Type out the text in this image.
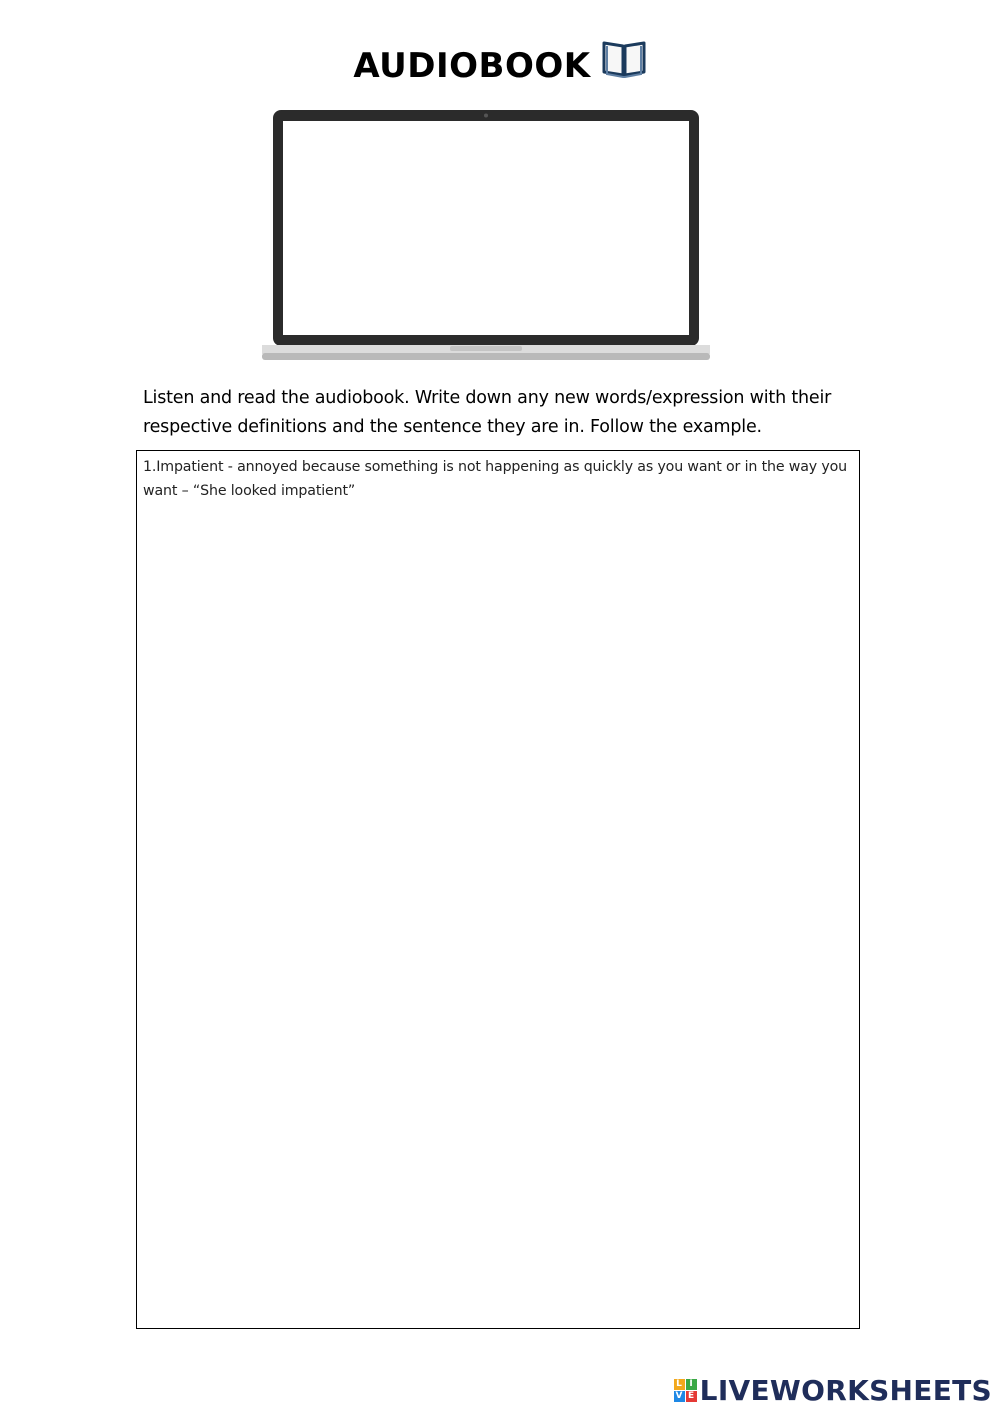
AUDIOBOOK
Listen and read the audiobook. Write down any new words/expression with their respective definitions and the sentence they are in. Follow the example.
1.Impatient - annoyed because something is not happening as quickly as you want or in the way you want – “She looked impatient”
L I
V E LIVEWORKSHEETS
